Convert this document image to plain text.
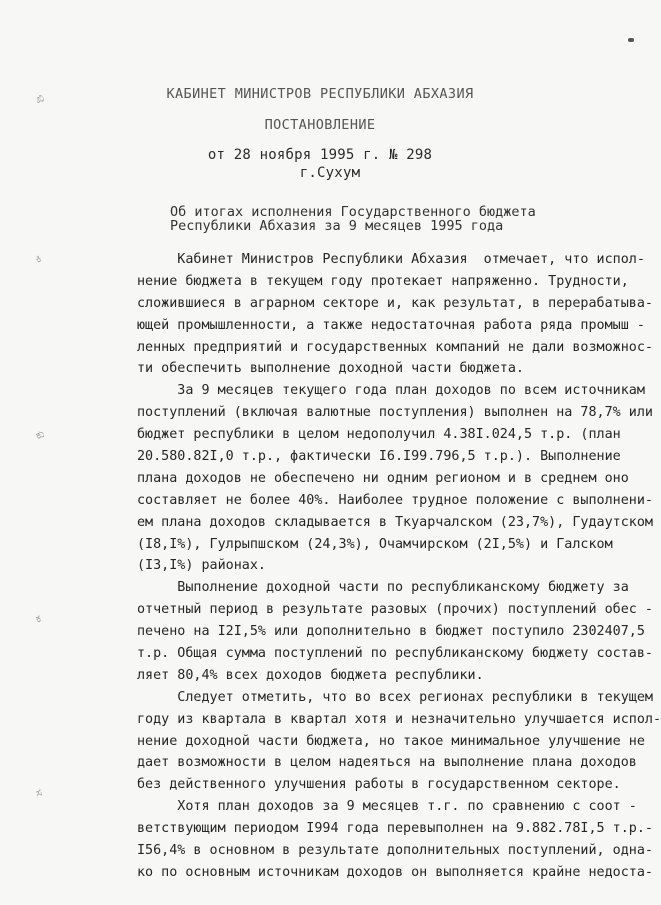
КАБИНЕТ МИНИСТРОВ РЕСПУБЛИКИ АБХАЗИЯ
ПОСТАНОВЛЕНИЕ
от 28 ноября 1995 г. № 298
г.Сухум
Об итогах исполнения Государственного бюджета
Республики Абхазия за 9 месяцев 1995 года
ಖಿ
ಕಿ
ಕು
ಕ
ಸ
Кабинет Министров Республики Абхазия  отмечает, что испол-
нение бюджета в текущем году протекает напряженно. Трудности,
сложившиеся в аграрном секторе и, как результат, в перерабатыва-
ющей промышленности, а также недостаточная работа ряда промыш -
ленных предприятий и государственных компаний не дали возможнос-
ти обеспечить выполнение доходной части бюджета.
За 9 месяцев текущего года план доходов по всем источникам
поступлений (включая валютные поступления) выполнен на 78,7% или
бюджет республики в целом недополучил 4.38I.024,5 т.р. (план
20.580.82I,0 т.р., фактически I6.I99.796,5 т.р.). Выполнение
плана доходов не обеспечено ни одним регионом и в среднем оно
составляет не более 40%. Наиболее трудное положение с выполнени-
ем плана доходов складывается в Ткуарчалском (23,7%), Гудаутском
(I8,I%), Гулрыпшском (24,3%), Очамчирском (2I,5%) и Галском
(I3,I%) районах.
Выполнение доходной части по республиканскому бюджету за
отчетный период в результате разовых (прочих) поступлений обес -
печено на I2I,5% или дополнительно в бюджет поступило 2302407,5
т.р. Общая сумма поступлений по республиканскому бюджету состав-
ляет 80,4% всех доходов бюджета республики.
Следует отметить, что во всех регионах республики в текущем
году из квартала в квартал хотя и незначительно улучшается испол-
нение доходной части бюджета, но такое минимальное улучшение не
дает возможности в целом надеяться на выполнение плана доходов
без действенного улучшения работы в государственном секторе.
Хотя план доходов за 9 месяцев т.г. по сравнению с соот -
ветствующим периодом I994 года перевыполнен на 9.882.78I,5 т.р.-
I56,4% в основном в результате дополнительных поступлений, одна-
ко по основным источникам доходов он выполняется крайне недоста-
